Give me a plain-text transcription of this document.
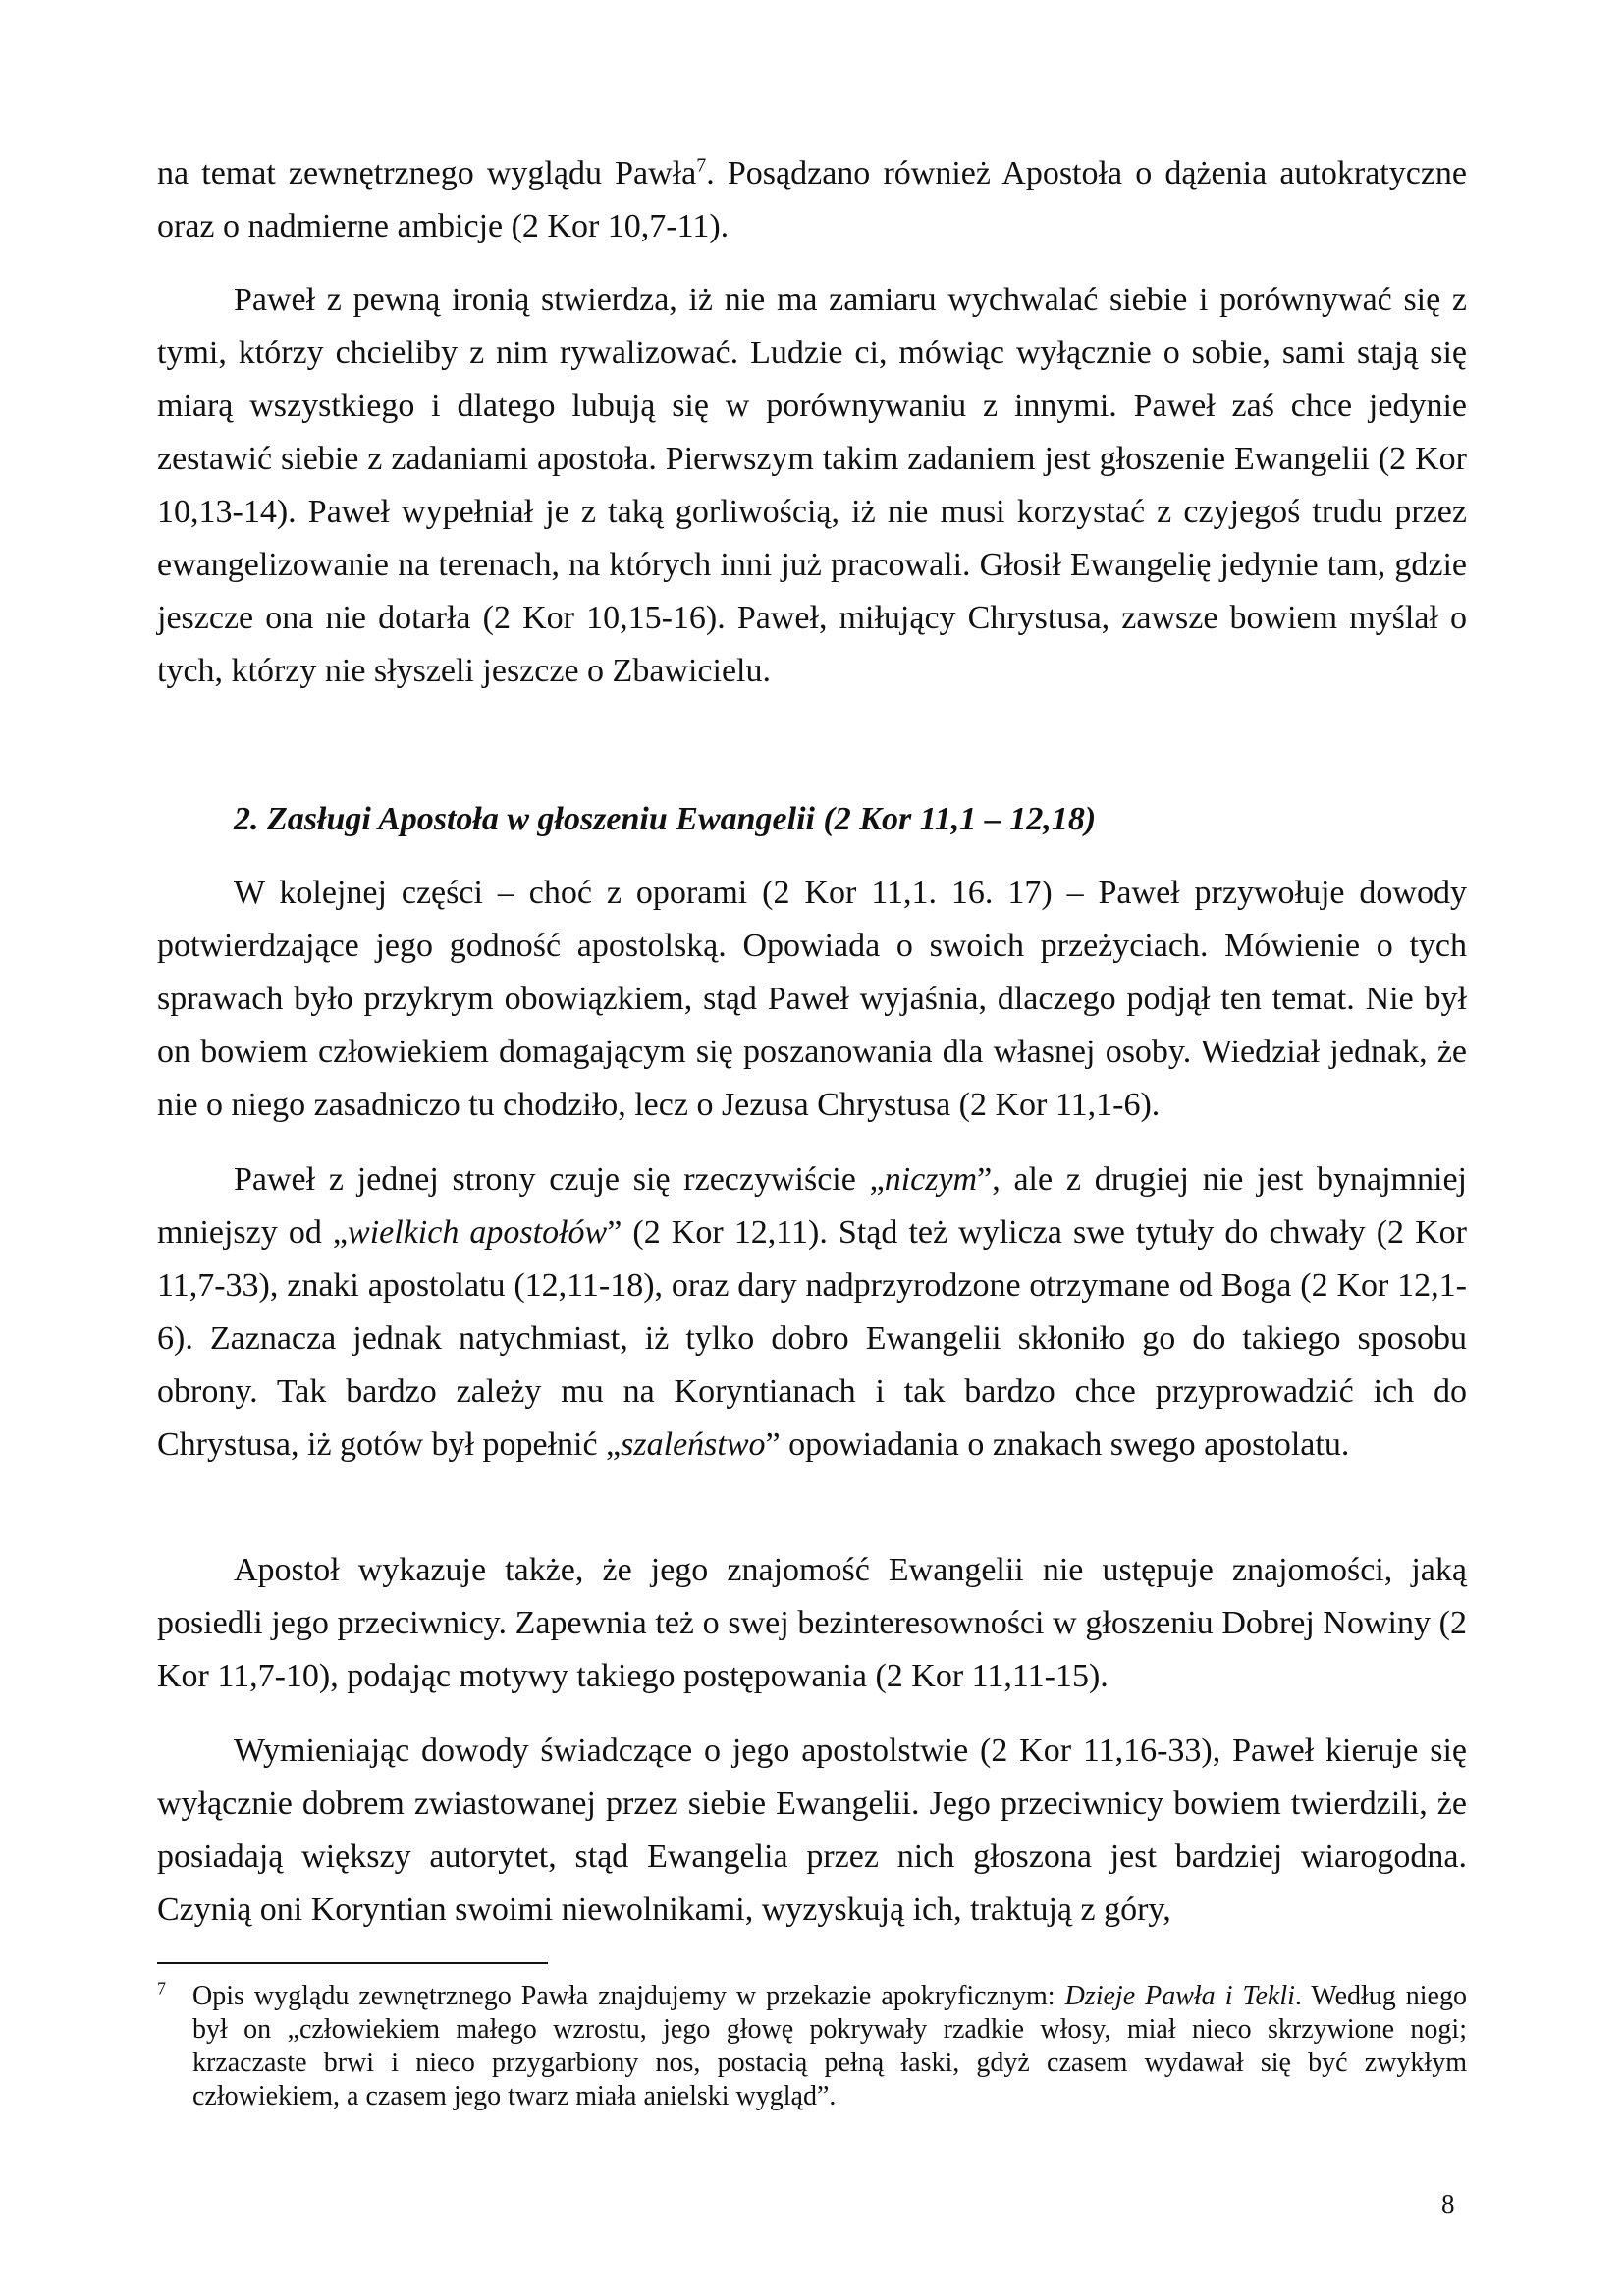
na temat zewnętrznego wyglądu Pawła$^7$. Posądzano również Apostoła o dążenia autokratyczne oraz o nadmierne ambicje (2 Kor 10,7-11).

Paweł z pewną ironią stwierdza, iż nie ma zamiaru wychwalać siebie i porównywać się z tymi, którzy chcieliby z nim rywalizować. Ludzie ci, mówiąc wyłącznie o sobie, sami stają się miarą wszystkiego i dlatego lubują się w porównywaniu z innymi. Paweł zaś chce jedynie zestawić siebie z zadaniami apostoła. Pierwszym takim zadaniem jest głoszenie Ewangelii (2 Kor 10,13-14). Paweł wypełniał je z taką gorliwością, iż nie musi korzystać z czyjegoś trudu przez ewangelizowanie na terenach, na których inni już pracowali. Głosił Ewangelię jedynie tam, gdzie jeszcze ona nie dotarła (2 Kor 10,15-16). Paweł, miłujący Chrystusa, zawsze bowiem myślał o tych, którzy nie słyszeli jeszcze o Zbawicielu.

2. Zasługi Apostoła w głoszeniu Ewangelii (2 Kor 11,1 – 12,18)

W kolejnej części – choć z oporami (2 Kor 11,1. 16. 17) – Paweł przywołuje dowody potwierdzające jego godność apostolską. Opowiada o swoich przeżyciach. Mówienie o tych sprawach było przykrym obowiązkiem, stąd Paweł wyjaśnia, dlaczego podjął ten temat. Nie był on bowiem człowiekiem domagającym się poszanowania dla własnej osoby. Wiedział jednak, że nie o niego zasadniczo tu chodziło, lecz o Jezusa Chrystusa (2 Kor 11,1-6).

Paweł z jednej strony czuje się rzeczywiście „niczym”, ale z drugiej nie jest bynajmniej mniejszy od „wielkich apostołów” (2 Kor 12,11). Stąd też wylicza swe tytuły do chwały (2 Kor 11,7-33), znaki apostolatu (12,11-18), oraz dary nadprzyrodzone otrzymane od Boga (2 Kor 12,1-6). Zaznacza jednak natychmiast, iż tylko dobro Ewangelii skłoniło go do takiego sposobu obrony. Tak bardzo zależy mu na Koryntianach i tak bardzo chce przyprowadzić ich do Chrystusa, iż gotów był popełnić „szaleństwo” opowiadania o znakach swego apostolatu.

Apostoł wykazuje także, że jego znajomość Ewangelii nie ustępuje znajomości, jaką posiedli jego przeciwnicy. Zapewnia też o swej bezinteresowności w głoszeniu Dobrej Nowiny (2 Kor 11,7-10), podając motywy takiego postępowania (2 Kor 11,11-15).

Wymieniając dowody świadczące o jego apostolstwie (2 Kor 11,16-33), Paweł kieruje się wyłącznie dobrem zwiastowanej przez siebie Ewangelii. Jego przeciwnicy bowiem twierdzili, że posiadają większy autorytet, stąd Ewangelia przez nich głoszona jest bardziej wiarogodna. Czynią oni Koryntian swoimi niewolnikami, wyzyskują ich, traktują z góry,

$^7$ Opis wyglądu zewnętrznego Pawła znajdujemy w przekazie apokryficznym: Dzieje Pawła i Tekli. Według niego był on „człowiekiem małego wzrostu, jego głowę pokrywały rzadkie włosy, miał nieco skrzywione nogi; krzaczaste brwi i nieco przygarbiony nos, postacią pełną łaski, gdyż czasem wydawał się być zwykłym człowiekiem, a czasem jego twarz miała anielski wygląd”.

8
